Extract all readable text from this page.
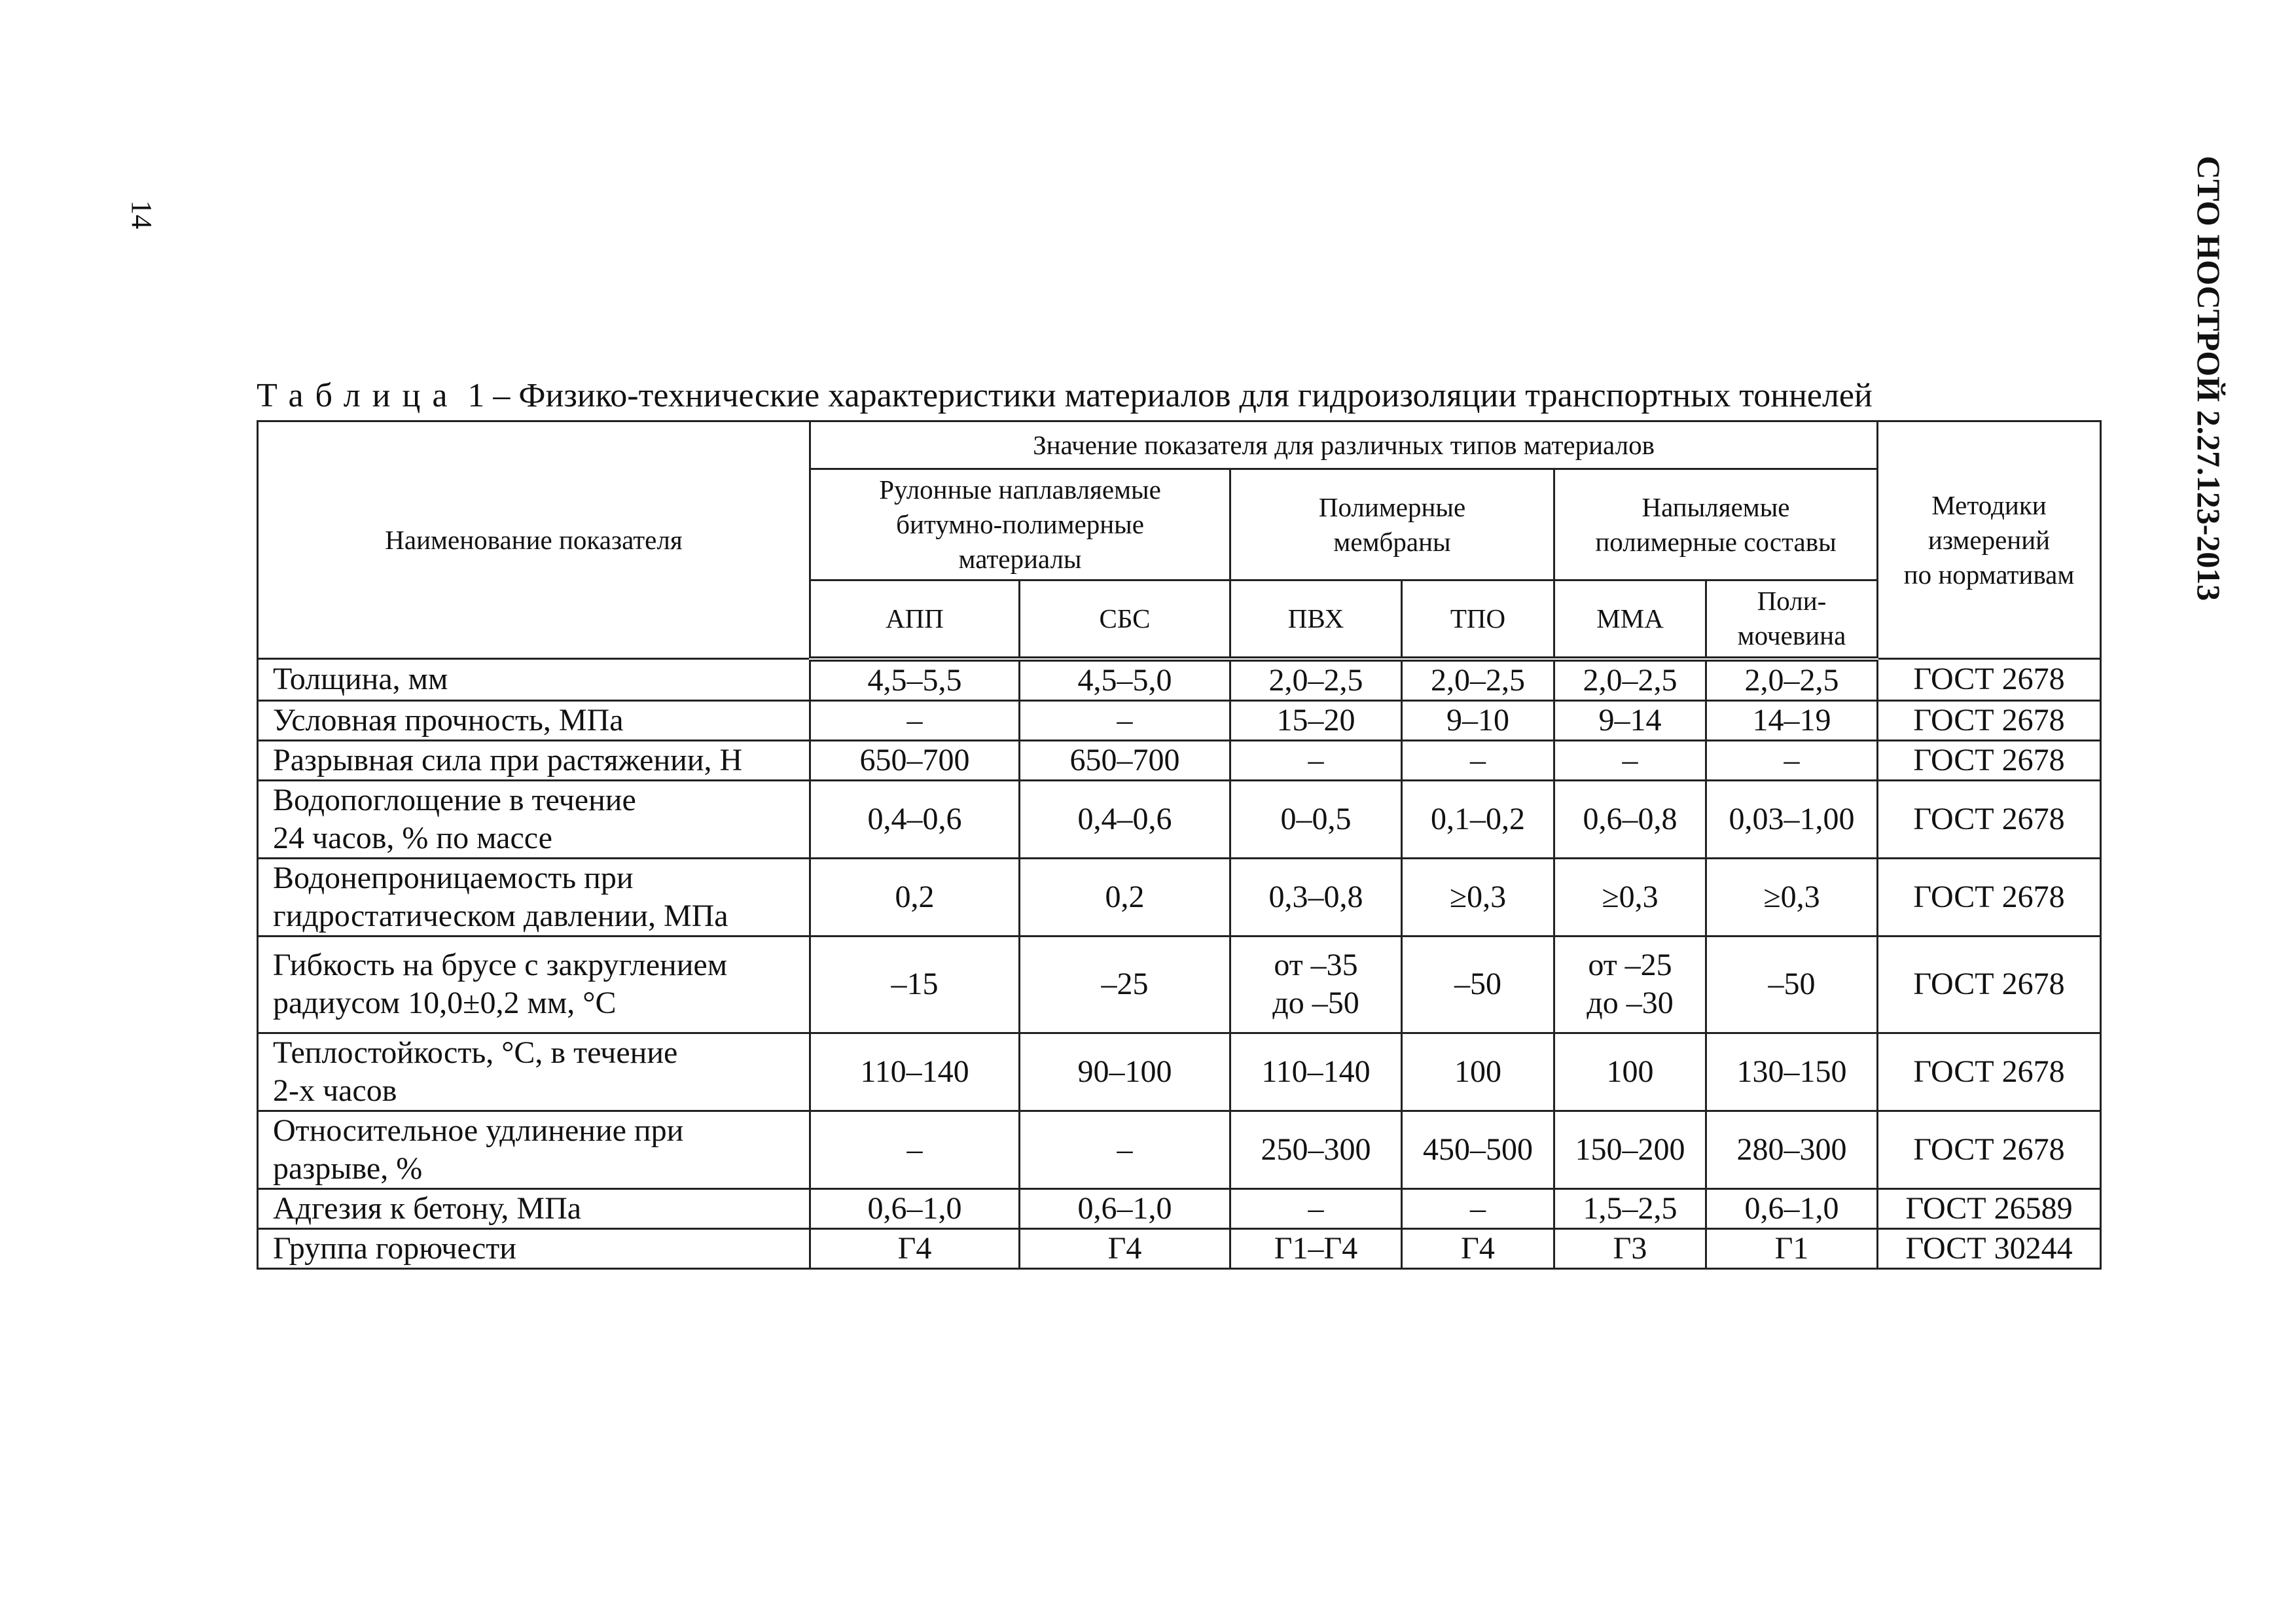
14	СТО НОСТРОЙ 2.27.123-2013
Таблица 1 – Физико-технические характеристики материалов для гидроизоляции транспортных тоннелей
Наименование показателя	Значение показателя для различных типов материалов						Методики
измерений
по нормативам

	Рулонные наплавляемые
битумно-полимерные
материалы		Полимерные
мембраны		Напыляемые
полимерные составы		

	АПП	СБС	ПВХ	ТПО	ММА	Поли-
мочевина	

Толщина, мм	4,5–5,5	4,5–5,0	2,0–2,5	2,0–2,5	2,0–2,5	2,0–2,5	ГОСТ 2678

Условная прочность, МПа	–	–	15–20	9–10	9–14	14–19	ГОСТ 2678

Разрывная сила при растяжении, Н	650–700	650–700	–	–	–	–	ГОСТ 2678

Водопоглощение в течение
24 часов, % по массе	0,4–0,6	0,4–0,6	0–0,5	0,1–0,2	0,6–0,8	0,03–1,00	ГОСТ 2678

Водонепроницаемость при
гидростатическом давлении, МПа	0,2	0,2	0,3–0,8	≥0,3	≥0,3	≥0,3	ГОСТ 2678

Гибкость на брусе с закруглением
радиусом 10,0±0,2 мм, °С	–15	–25	от –35
до –50	–50	от –25
до –30	–50	ГОСТ 2678

Теплостойкость, °С, в течение
2-х часов	110–140	90–100	110–140	100	100	130–150	ГОСТ 2678

Относительное удлинение при
разрыве, %	–	–	250–300	450–500	150–200	280–300	ГОСТ 2678

Адгезия к бетону, МПа	0,6–1,0	0,6–1,0	–	–	1,5–2,5	0,6–1,0	ГОСТ 26589

Группа горючести	Г4	Г4	Г1–Г4	Г4	Г3	Г1	ГОСТ 30244
